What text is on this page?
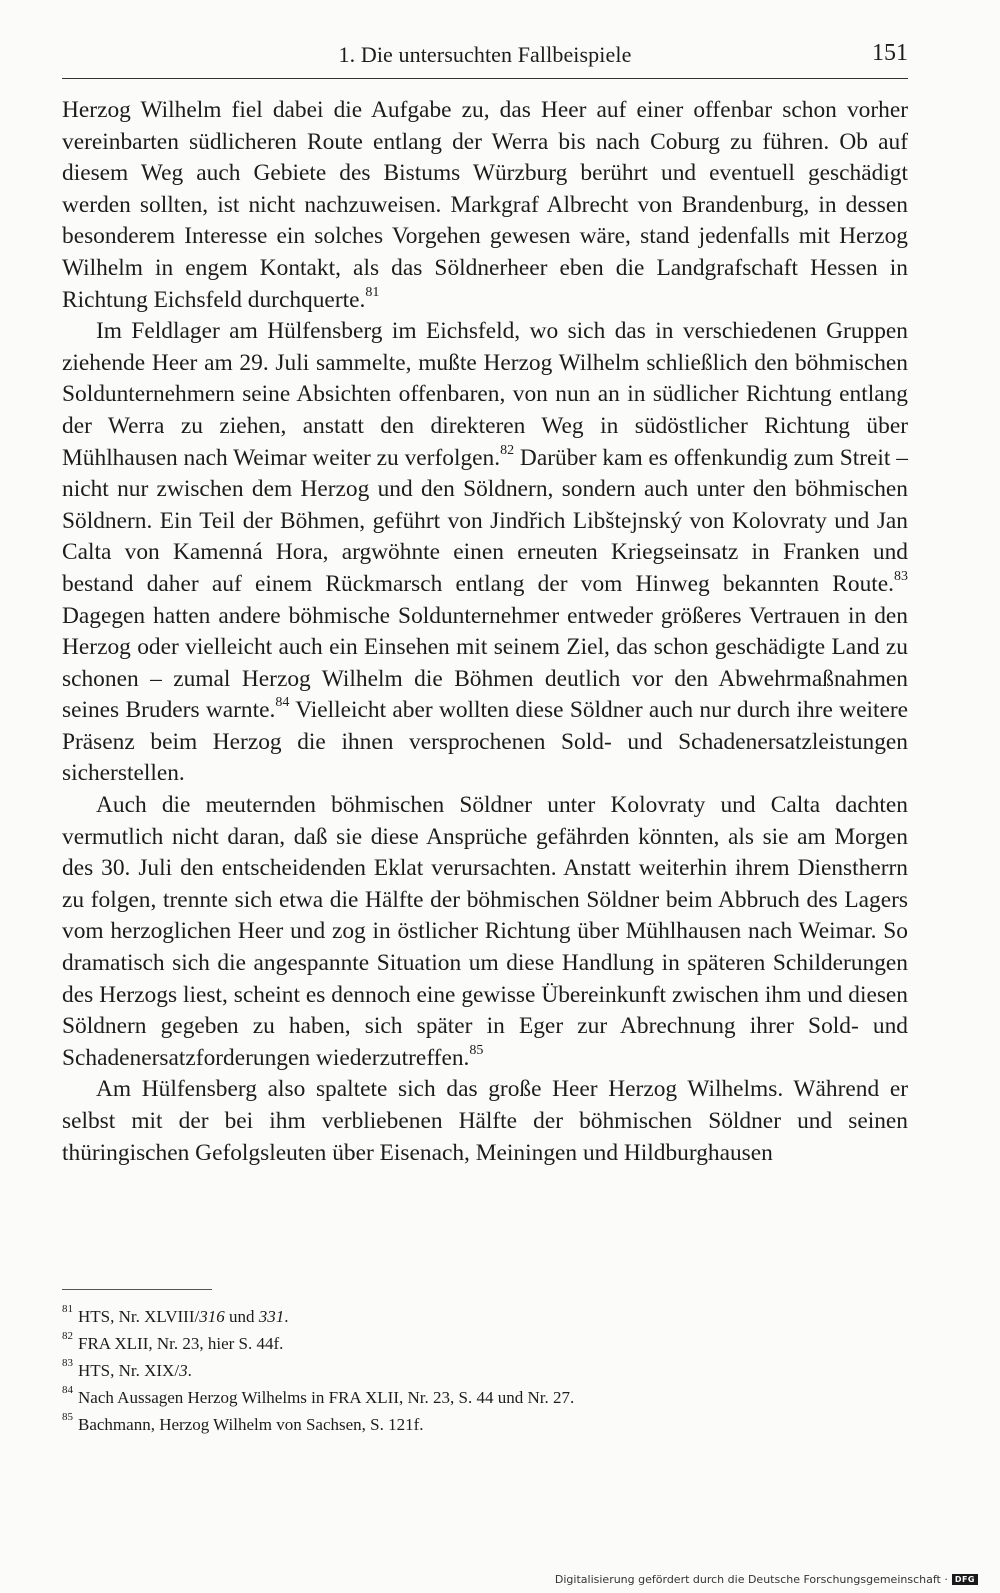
1. Die untersuchten Fallbeispiele	151

Herzog Wilhelm fiel dabei die Aufgabe zu, das Heer auf einer offenbar schon vorher vereinbarten südlicheren Route entlang der Werra bis nach Coburg zu führen. Ob auf diesem Weg auch Gebiete des Bistums Würzburg berührt und eventuell geschädigt werden sollten, ist nicht nachzuweisen. Markgraf Albrecht von Brandenburg, in dessen besonderem Interesse ein solches Vorgehen gewesen wäre, stand jedenfalls mit Herzog Wilhelm in engem Kontakt, als das Söldnerheer eben die Landgrafschaft Hessen in Richtung Eichsfeld durchquerte.$^{81}$

Im Feldlager am Hülfensberg im Eichsfeld, wo sich das in verschiedenen Gruppen ziehende Heer am 29. Juli sammelte, mußte Herzog Wilhelm schließlich den böhmischen Soldunternehmern seine Absichten offenbaren, von nun an in südlicher Richtung entlang der Werra zu ziehen, anstatt den direkteren Weg in südöstlicher Richtung über Mühlhausen nach Weimar weiter zu verfolgen.$^{82}$ Darüber kam es offenkundig zum Streit – nicht nur zwischen dem Herzog und den Söldnern, sondern auch unter den böhmischen Söldnern. Ein Teil der Böhmen, geführt von Jindřich Libštejnský von Kolovraty und Jan Calta von Kamenná Hora, argwöhnte einen erneuten Kriegseinsatz in Franken und bestand daher auf einem Rückmarsch entlang der vom Hinweg bekannten Route.$^{83}$ Dagegen hatten andere böhmische Soldunternehmer entweder größeres Vertrauen in den Herzog oder vielleicht auch ein Einsehen mit seinem Ziel, das schon geschädigte Land zu schonen – zumal Herzog Wilhelm die Böhmen deutlich vor den Abwehrmaßnahmen seines Bruders warnte.$^{84}$ Vielleicht aber wollten diese Söldner auch nur durch ihre weitere Präsenz beim Herzog die ihnen versprochenen Sold- und Schadenersatzleistungen sicherstellen.

Auch die meuternden böhmischen Söldner unter Kolovraty und Calta dachten vermutlich nicht daran, daß sie diese Ansprüche gefährden könnten, als sie am Morgen des 30. Juli den entscheidenden Eklat verursachten. Anstatt weiterhin ihrem Dienstherrn zu folgen, trennte sich etwa die Hälfte der böhmischen Söldner beim Abbruch des Lagers vom herzoglichen Heer und zog in östlicher Richtung über Mühlhausen nach Weimar. So dramatisch sich die angespannte Situation um diese Handlung in späteren Schilderungen des Herzogs liest, scheint es dennoch eine gewisse Übereinkunft zwischen ihm und diesen Söldnern gegeben zu haben, sich später in Eger zur Abrechnung ihrer Sold- und Schadenersatzforderungen wiederzutreffen.$^{85}$

Am Hülfensberg also spaltete sich das große Heer Herzog Wilhelms. Während er selbst mit der bei ihm verbliebenen Hälfte der böhmischen Söldner und seinen thüringischen Gefolgsleuten über Eisenach, Meiningen und Hildburghausen

$^{81}$ HTS, Nr. XLVIII/316 und 331.
$^{82}$ FRA XLII, Nr. 23, hier S. 44f.
$^{83}$ HTS, Nr. XIX/3.
$^{84}$ Nach Aussagen Herzog Wilhelms in FRA XLII, Nr. 23, S. 44 und Nr. 27.
$^{85}$ Bachmann, Herzog Wilhelm von Sachsen, S. 121f.
Digitalisierung gefördert durch die Deutsche Forschungsgemeinschaft · DFG
